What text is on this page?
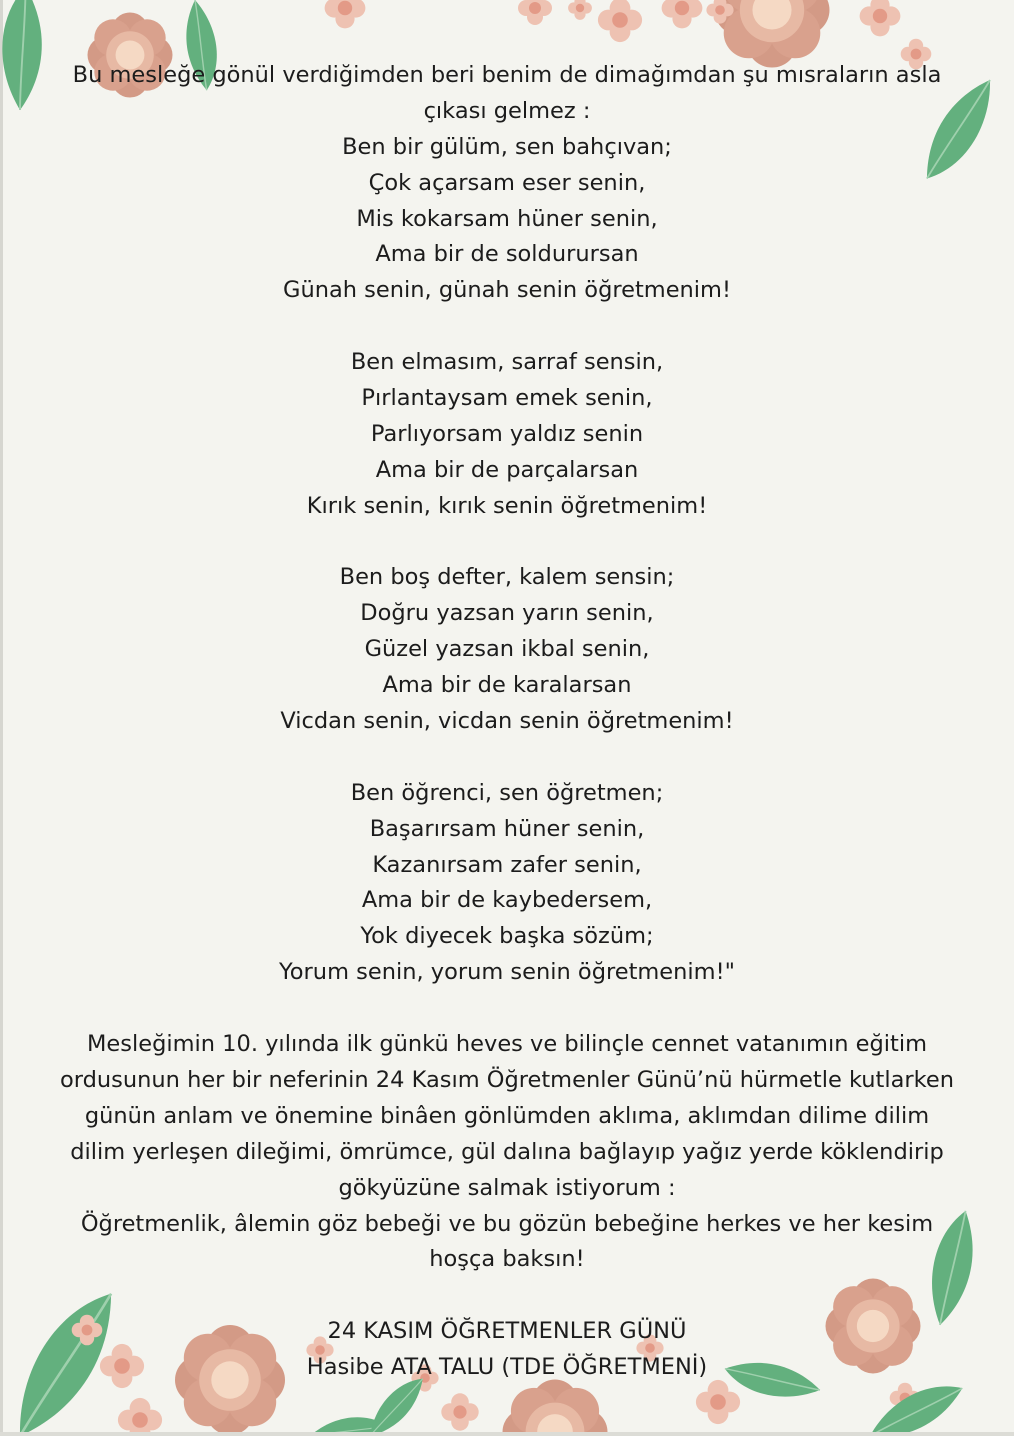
Bu mesleğe gönül verdiğimden beri benim de dimağımdan şu mısraların asla
çıkası gelmez :
Ben bir gülüm, sen bahçıvan;
Çok açarsam eser senin,
Mis kokarsam hüner senin,
Ama bir de soldurursan
Günah senin, günah senin öğretmenim!
Ben elmasım, sarraf sensin,
Pırlantaysam emek senin,
Parlıyorsam yaldız senin
Ama bir de parçalarsan
Kırık senin, kırık senin öğretmenim!
Ben boş defter, kalem sensin;
Doğru yazsan yarın senin,
Güzel yazsan ikbal senin,
Ama bir de karalarsan
Vicdan senin, vicdan senin öğretmenim!
Ben öğrenci, sen öğretmen;
Başarırsam hüner senin,
Kazanırsam zafer senin,
Ama bir de kaybedersem,
Yok diyecek başka sözüm;
Yorum senin, yorum senin öğretmenim!"
Mesleğimin 10. yılında ilk günkü heves ve bilinçle cennet vatanımın eğitim
ordusunun her bir neferinin 24 Kasım Öğretmenler Günü’nü hürmetle kutlarken
günün anlam ve önemine binâen gönlümden aklıma, aklımdan dilime dilim
dilim yerleşen dileğimi, ömrümce, gül dalına bağlayıp yağız yerde köklendirip
gökyüzüne salmak istiyorum :
Öğretmenlik, âlemin göz bebeği ve bu gözün bebeğine herkes ve her kesim
hoşça baksın!
24 KASIM ÖĞRETMENLER GÜNÜ
Hasibe ATA TALU (TDE ÖĞRETMENİ)
